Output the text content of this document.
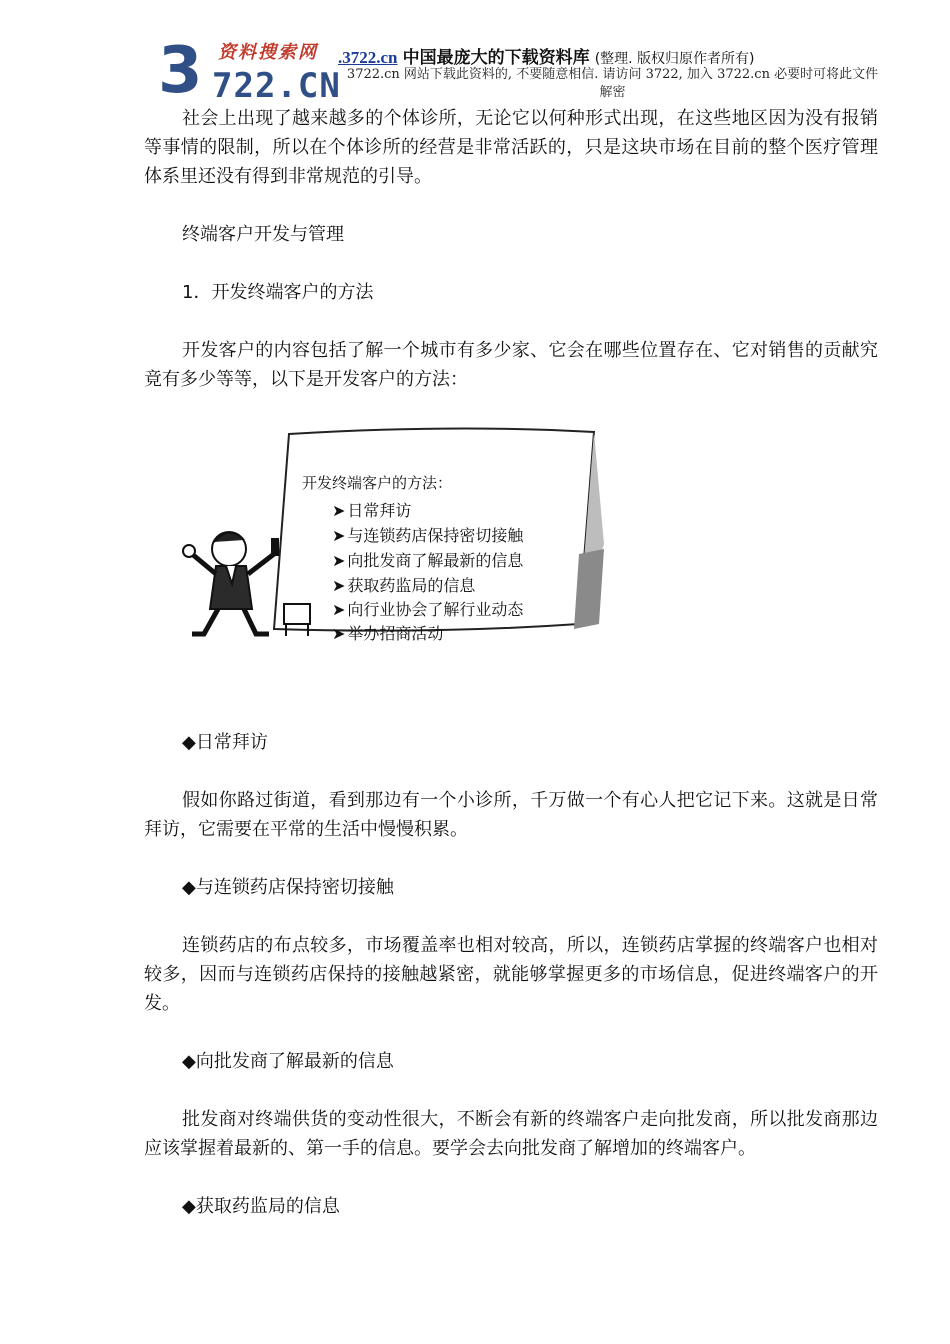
3 资料搜索网
722.CN
.3722.cn 中国最庞大的下载资料库 (整理. 版权归原作者所有)
3722.cn 网站下载此资料的, 不要随意相信. 请访问 3722, 加入 3722.cn 必要时可将此文件解密

社会上出现了越来越多的个体诊所，无论它以何种形式出现，在这些地区因为没有报销等事情的限制，所以在个体诊所的经营是非常活跃的，只是这块市场在目前的整个医疗管理体系里还没有得到非常规范的引导。

终端客户开发与管理

1．开发终端客户的方法

开发客户的内容包括了解一个城市有多少家、它会在哪些位置存在、它对销售的贡献究竟有多少等等，以下是开发客户的方法：

开发终端客户的方法：
➤ 日常拜访
➤ 与连锁药店保持密切接触
➤ 向批发商了解最新的信息
➤ 获取药监局的信息
➤ 向行业协会了解行业动态
➤ 举办招商活动

◆日常拜访

假如你路过街道，看到那边有一个小诊所，千万做一个有心人把它记下来。这就是日常拜访，它需要在平常的生活中慢慢积累。

◆与连锁药店保持密切接触

连锁药店的布点较多，市场覆盖率也相对较高，所以，连锁药店掌握的终端客户也相对较多，因而与连锁药店保持的接触越紧密，就能够掌握更多的市场信息，促进终端客户的开发。

◆向批发商了解最新的信息

批发商对终端供货的变动性很大，不断会有新的终端客户走向批发商，所以批发商那边应该掌握着最新的、第一手的信息。要学会去向批发商了解增加的终端客户。

◆获取药监局的信息
